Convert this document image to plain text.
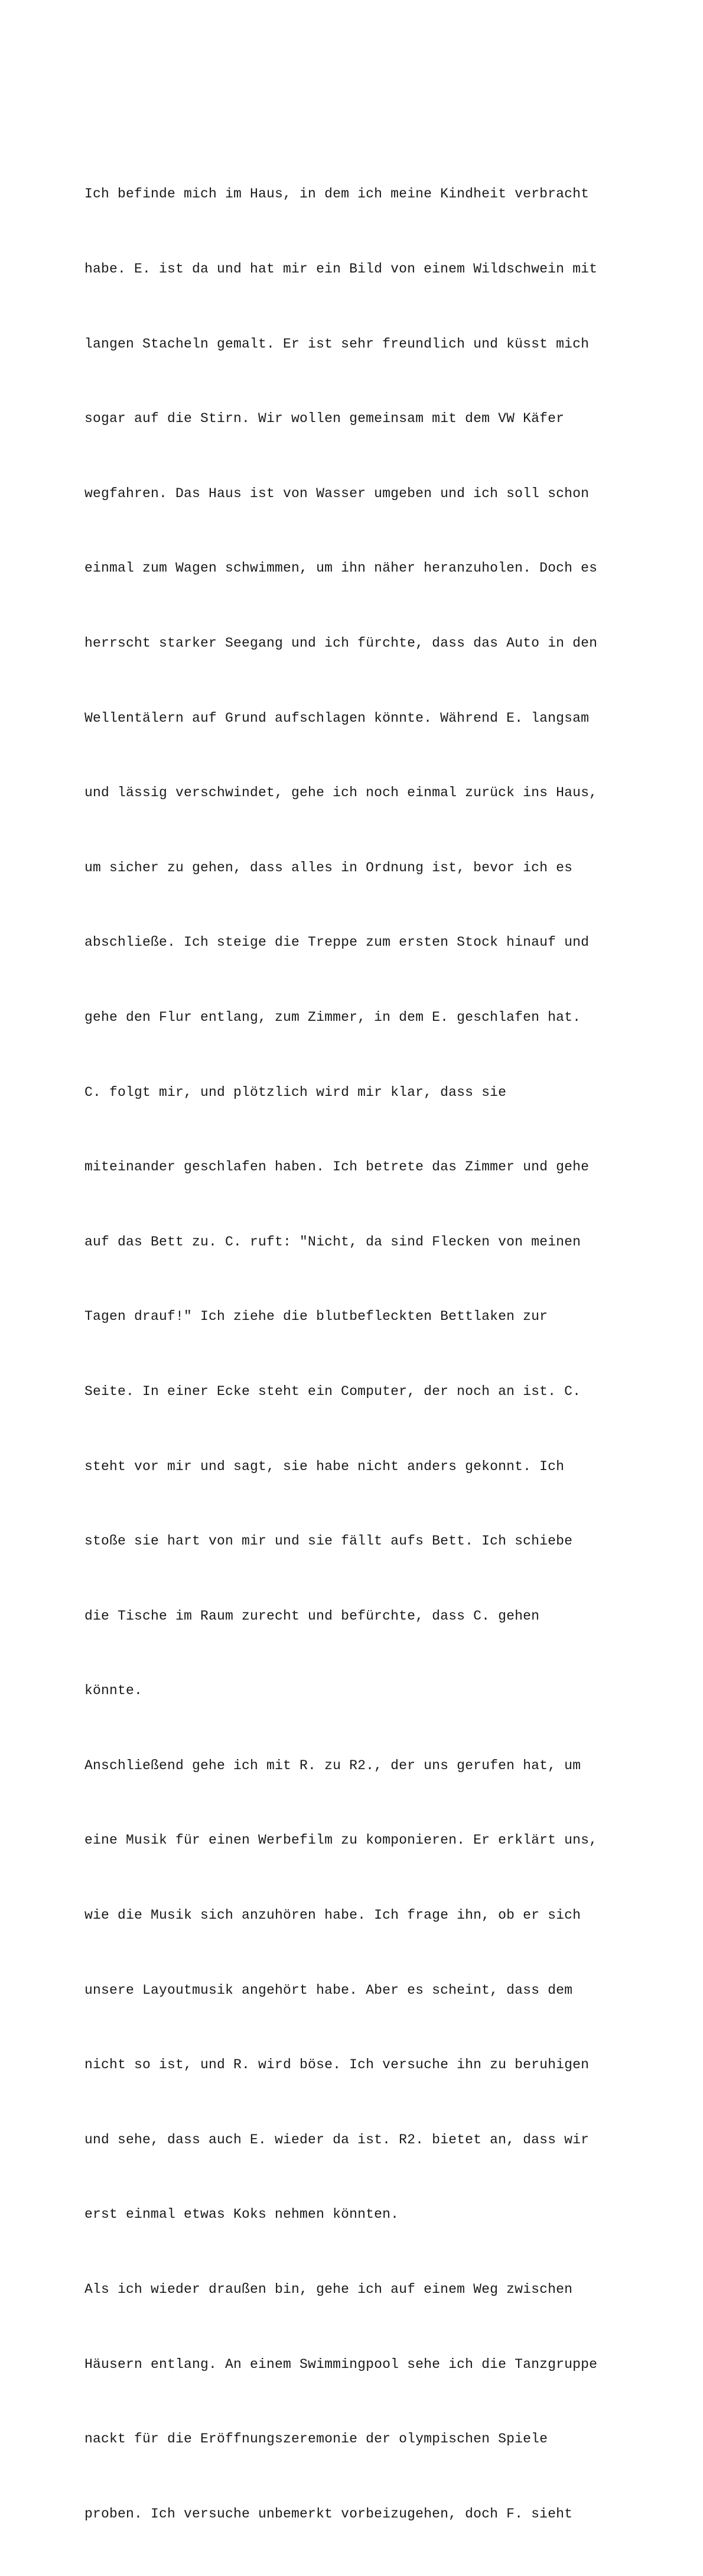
Ich befinde mich im Haus, in dem ich meine Kindheit verbracht

habe. E. ist da und hat mir ein Bild von einem Wildschwein mit

langen Stacheln gemalt. Er ist sehr freundlich und küsst mich

sogar auf die Stirn. Wir wollen gemeinsam mit dem VW Käfer

wegfahren. Das Haus ist von Wasser umgeben und ich soll schon

einmal zum Wagen schwimmen, um ihn näher heranzuholen. Doch es

herrscht starker Seegang und ich fürchte, dass das Auto in den

Wellentälern auf Grund aufschlagen könnte. Während E. langsam

und lässig verschwindet, gehe ich noch einmal zurück ins Haus,

um sicher zu gehen, dass alles in Ordnung ist, bevor ich es

abschließe. Ich steige die Treppe zum ersten Stock hinauf und

gehe den Flur entlang, zum Zimmer, in dem E. geschlafen hat.

C. folgt mir, und plötzlich wird mir klar, dass sie

miteinander geschlafen haben. Ich betrete das Zimmer und gehe

auf das Bett zu. C. ruft: "Nicht, da sind Flecken von meinen

Tagen drauf!" Ich ziehe die blutbefleckten Bettlaken zur

Seite. In einer Ecke steht ein Computer, der noch an ist. C.

steht vor mir und sagt, sie habe nicht anders gekonnt. Ich

stoße sie hart von mir und sie fällt aufs Bett. Ich schiebe

die Tische im Raum zurecht und befürchte, dass C. gehen

könnte.

Anschließend gehe ich mit R. zu R2., der uns gerufen hat, um

eine Musik für einen Werbefilm zu komponieren. Er erklärt uns,

wie die Musik sich anzuhören habe. Ich frage ihn, ob er sich

unsere Layoutmusik angehört habe. Aber es scheint, dass dem

nicht so ist, und R. wird böse. Ich versuche ihn zu beruhigen

und sehe, dass auch E. wieder da ist. R2. bietet an, dass wir

erst einmal etwas Koks nehmen könnten.

Als ich wieder draußen bin, gehe ich auf einem Weg zwischen

Häusern entlang. An einem Swimmingpool sehe ich die Tanzgruppe

nackt für die Eröffnungszeremonie der olympischen Spiele

proben. Ich versuche unbemerkt vorbeizugehen, doch F. sieht
